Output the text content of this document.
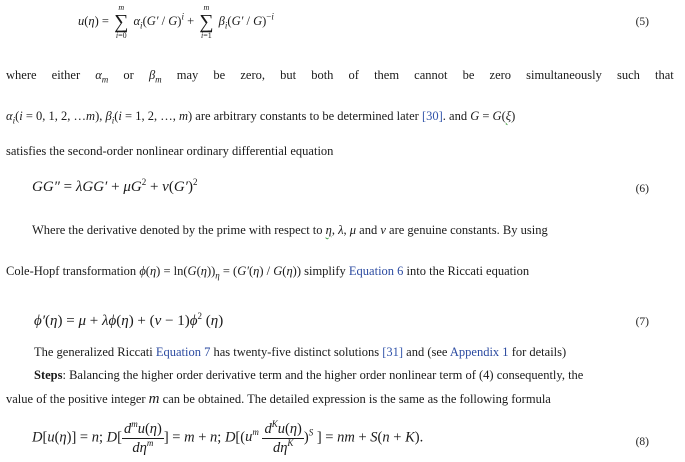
u(η) =
m
∑
i=0
$\alpha_i(G' / G)^i$ +
m
∑
i=1
$\beta_i(G' / G)^{-i}$	(5)
where either $\alpha_m$ or $\beta_m$ may be zero, but both of them cannot be zero simultaneously such that
$\alpha_i(i = 0$, 1, 2, …m), $\beta_i(i = 1$, 2, …, m) are arbitrary constants to be determined later [30]. and G = G(ξ)
satisfies the second-order nonlinear ordinary differential equation
$GG'' = \lambda GG' + \mu G^2 + \nu(G')^2$
(6)
Where the derivative denoted by the prime with respect to η, λ, μ and ν are genuine constants. By using
Cole-Hopf transformation $\phi(\eta) = \ln(G(\eta))_\eta = (G'(\eta) / G(\eta))$ simplify Equation 6 into the Riccati equation
$\phi'(\eta) = \mu + \lambda\phi(\eta) + (\nu - 1)\phi^2$ (η)	(7)
The generalized Riccati Equation 7 has twenty-five distinct solutions [31] and (see Appendix 1 for details)
Steps: Balancing the higher order derivative term and the higher order nonlinear term of (4) consequently, the
value of the positive integer m can be obtained. The detailed expression is the same as the following formula
D[u(η)] = n; $D[ \frac{d^mu(\eta)}{d\eta^m}$ ] = m + n; $D[(u^m \frac{d^Ku(\eta)}{d\eta^K} )^S$ ] = nm + S(n + K).	(8)
